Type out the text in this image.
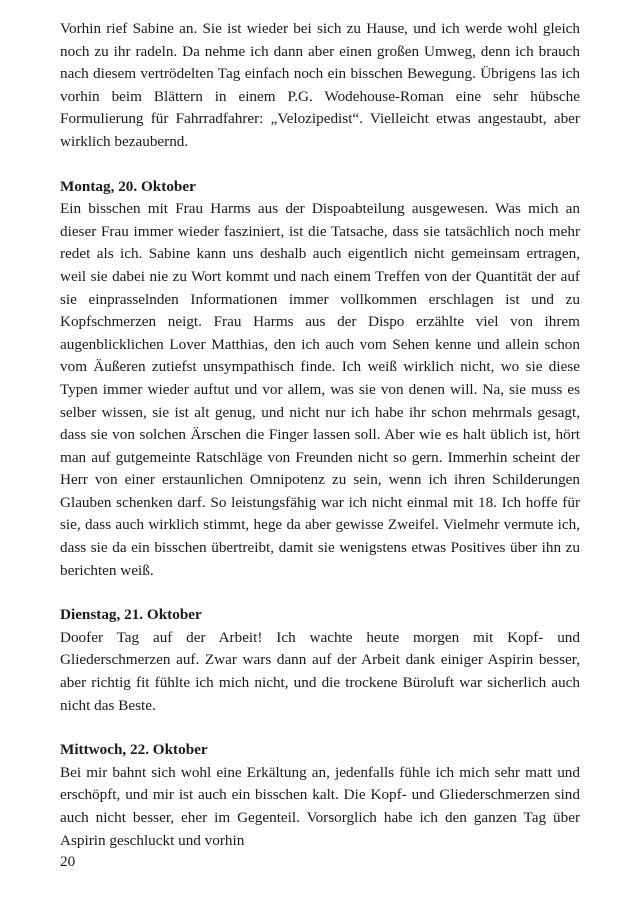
Vorhin rief Sabine an. Sie ist wieder bei sich zu Hause, und ich werde wohl gleich noch zu ihr radeln. Da nehme ich dann aber einen großen Umweg, denn ich brauch nach diesem vertrödelten Tag einfach noch ein bisschen Bewegung. Übrigens las ich vorhin beim Blättern in einem P.G. Wodehouse-Roman eine sehr hübsche Formulierung für Fahrradfahrer: „Velozipedist“. Vielleicht etwas angestaubt, aber wirklich bezaubernd.

Montag, 20. Oktober

Ein bisschen mit Frau Harms aus der Dispoabteilung ausgewesen. Was mich an dieser Frau immer wieder fasziniert, ist die Tatsache, dass sie tatsächlich noch mehr redet als ich. Sabine kann uns deshalb auch eigentlich nicht gemeinsam ertragen, weil sie dabei nie zu Wort kommt und nach einem Treffen von der Quantität der auf sie einprasselnden Informationen immer vollkommen erschlagen ist und zu Kopfschmerzen neigt. Frau Harms aus der Dispo erzählte viel von ihrem augenblicklichen Lover Matthias, den ich auch vom Sehen kenne und allein schon vom Äußeren zutiefst unsympathisch finde. Ich weiß wirklich nicht, wo sie diese Typen immer wieder auftut und vor allem, was sie von denen will. Na, sie muss es selber wissen, sie ist alt genug, und nicht nur ich habe ihr schon mehrmals gesagt, dass sie von solchen Ärschen die Finger lassen soll. Aber wie es halt üblich ist, hört man auf gutgemeinte Ratschläge von Freunden nicht so gern. Immerhin scheint der Herr von einer erstaunlichen Omnipotenz zu sein, wenn ich ihren Schilderungen Glauben schenken darf. So leistungsfähig war ich nicht einmal mit 18. Ich hoffe für sie, dass auch wirklich stimmt, hege da aber gewisse Zweifel. Vielmehr vermute ich, dass sie da ein bisschen übertreibt, damit sie wenigstens etwas Positives über ihn zu berichten weiß.

Dienstag, 21. Oktober

Doofer Tag auf der Arbeit! Ich wachte heute morgen mit Kopf- und Gliederschmerzen auf. Zwar wars dann auf der Arbeit dank einiger Aspirin besser, aber richtig fit fühlte ich mich nicht, und die trockene Büroluft war sicherlich auch nicht das Beste.

Mittwoch, 22. Oktober

Bei mir bahnt sich wohl eine Erkältung an, jedenfalls fühle ich mich sehr matt und erschöpft, und mir ist auch ein bisschen kalt. Die Kopf- und Gliederschmerzen sind auch nicht besser, eher im Gegenteil. Vorsorglich habe ich den ganzen Tag über Aspirin geschluckt und vorhin

20
